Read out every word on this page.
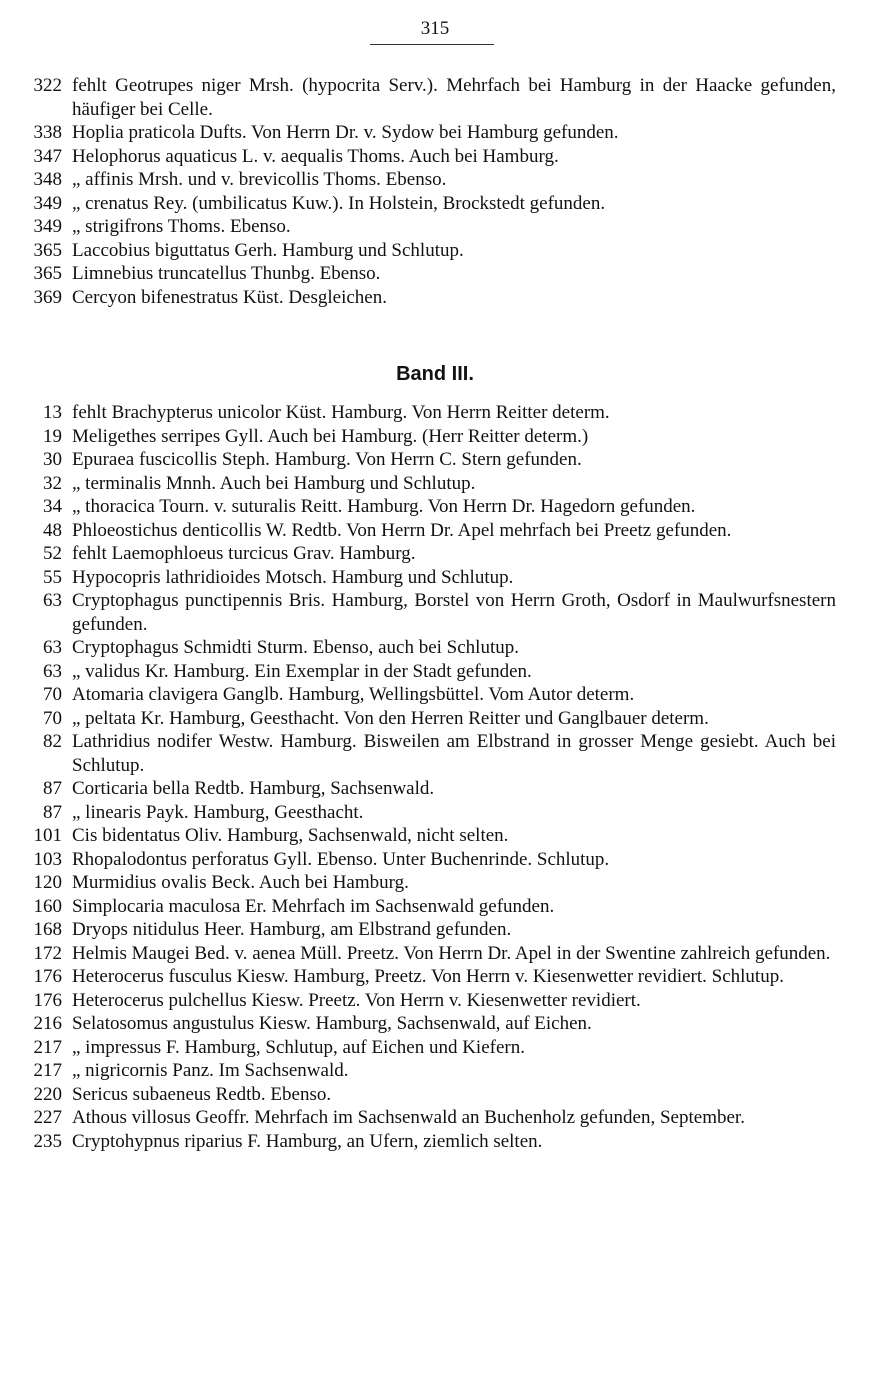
315
322 fehlt Geotrupes niger Mrsh. (hypocrita Serv.). Mehrfach bei Hamburg in der Haacke gefunden, häufiger bei Celle.
338 Hoplia praticola Dufts. Von Herrn Dr. v. Sydow bei Hamburg gefunden.
347 Helophorus aquaticus L. v. aequalis Thoms. Auch bei Hamburg.
348 „ affinis Mrsh. und v. brevicollis Thoms. Ebenso.
349 „ crenatus Rey. (umbilicatus Kuw.). In Holstein, Brockstedt gefunden.
349 „ strigifrons Thoms. Ebenso.
365 Laccobius biguttatus Gerh. Hamburg und Schlutup.
365 Limnebius truncatellus Thunbg. Ebenso.
369 Cercyon bifenestratus Küst. Desgleichen.
Band III.
13 fehlt Brachypterus unicolor Küst. Hamburg. Von Herrn Reitter determ.
19 Meligethes serripes Gyll. Auch bei Hamburg. (Herr Reitter determ.)
30 Epuraea fuscicollis Steph. Hamburg. Von Herrn C. Stern gefunden.
32 „ terminalis Mnnh. Auch bei Hamburg und Schlutup.
34 „ thoracica Tourn. v. suturalis Reitt. Hamburg. Von Herrn Dr. Hagedorn gefunden.
48 Phloeostichus denticollis W. Redtb. Von Herrn Dr. Apel mehrfach bei Preetz gefunden.
52 fehlt Laemophloeus turcicus Grav. Hamburg.
55 Hypocopris lathridioides Motsch. Hamburg und Schlutup.
63 Cryptophagus punctipennis Bris. Hamburg, Borstel von Herrn Groth, Osdorf in Maulwurfsnestern gefunden.
63 Cryptophagus Schmidti Sturm. Ebenso, auch bei Schlutup.
63 „ validus Kr. Hamburg. Ein Exemplar in der Stadt gefunden.
70 Atomaria clavigera Ganglb. Hamburg, Wellingsbüttel. Vom Autor determ.
70 „ peltata Kr. Hamburg, Geesthacht. Von den Herren Reitter und Ganglbauer determ.
82 Lathridius nodifer Westw. Hamburg. Bisweilen am Elbstrand in grosser Menge gesiebt. Auch bei Schlutup.
87 Corticaria bella Redtb. Hamburg, Sachsenwald.
87 „ linearis Payk. Hamburg, Geesthacht.
101 Cis bidentatus Oliv. Hamburg, Sachsenwald, nicht selten.
103 Rhopalodontus perforatus Gyll. Ebenso. Unter Buchenrinde. Schlutup.
120 Murmidius ovalis Beck. Auch bei Hamburg.
160 Simplocaria maculosa Er. Mehrfach im Sachsenwald gefunden.
168 Dryops nitidulus Heer. Hamburg, am Elbstrand gefunden.
172 Helmis Maugei Bed. v. aenea Müll. Preetz. Von Herrn Dr. Apel in der Swentine zahlreich gefunden.
176 Heterocerus fusculus Kiesw. Hamburg, Preetz. Von Herrn v. Kiesenwetter revidiert. Schlutup.
176 Heterocerus pulchellus Kiesw. Preetz. Von Herrn v. Kiesenwetter revidiert.
216 Selatosomus angustulus Kiesw. Hamburg, Sachsenwald, auf Eichen.
217 „ impressus F. Hamburg, Schlutup, auf Eichen und Kiefern.
217 „ nigricornis Panz. Im Sachsenwald.
220 Sericus subaeneus Redtb. Ebenso.
227 Athous villosus Geoffr. Mehrfach im Sachsenwald an Buchenholz gefunden, September.
235 Cryptohypnus riparius F. Hamburg, an Ufern, ziemlich selten.
